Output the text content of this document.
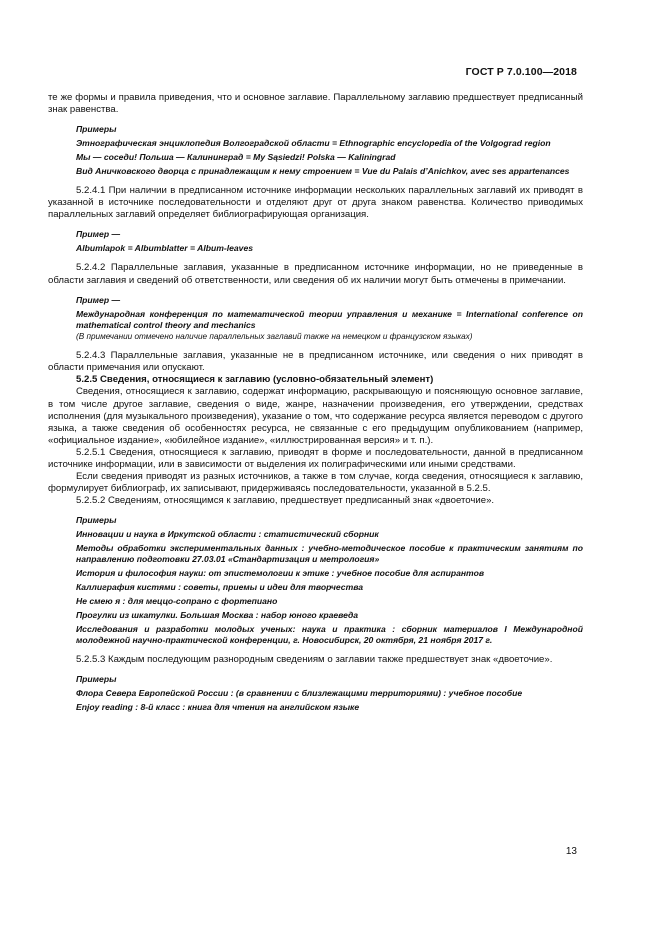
ГОСТ Р 7.0.100—2018

те же формы и правила приведения, что и основное заглавие. Параллельному заглавию предшествует предписанный знак равенства.

Примеры

Этнографическая энциклопедия Волгоградской области = Ethnographic encyclopedia of the Volgograd region

Мы — соседи! Польша — Калининград = My Sąsiedzi! Polska — Kaliningrad

Вид Аничковского дворца с принадлежащим к нему строением = Vue du Palais d’Anichkov, avec ses appartenances

5.2.4.1 При наличии в предписанном источнике информации нескольких параллельных заглавий их приводят в указанной в источнике последовательности и отделяют друг от друга знаком равенства. Количество приводимых параллельных заглавий определяет библиографирующая организация.

Пример —

Albumlapok = Albumblatter = Album-leaves

5.2.4.2 Параллельные заглавия, указанные в предписанном источнике информации, но не приведенные в области заглавия и сведений об ответственности, или сведения об их наличии могут быть отмечены в примечании.

Пример —

Международная конференция по математической теории управления и механике = International conference on mathematical control theory and mechanics

(В примечании отмечено наличие параллельных заглавий также на немецком и французском языках)

5.2.4.3 Параллельные заглавия, указанные не в предписанном источнике, или сведения о них приводят в области примечания или опускают.

5.2.5 Сведения, относящиеся к заглавию (условно-обязательный элемент)

Сведения, относящиеся к заглавию, содержат информацию, раскрывающую и поясняющую основное заглавие, в том числе другое заглавие, сведения о виде, жанре, назначении произведения, его утверждении, средствах исполнения (для музыкального произведения), указание о том, что содержание ресурса является переводом с другого языка, а также сведения об особенностях ресурса, не связанные с его предыдущим опубликованием (например, «официальное издание», «юбилейное издание», «иллюстрированная версия» и т. п.).

5.2.5.1 Сведения, относящиеся к заглавию, приводят в форме и последовательности, данной в предписанном источнике информации, или в зависимости от выделения их полиграфическими или иными средствами.

Если сведения приводят из разных источников, а также в том случае, когда сведения, относящиеся к заглавию, формулирует библиограф, их записывают, придерживаясь последовательности, указанной в 5.2.5.

5.2.5.2 Сведениям, относящимся к заглавию, предшествует предписанный знак «двоеточие».

Примеры

Инновации и наука в Иркутской области : статистический сборник

Методы обработки экспериментальных данных : учебно-методическое пособие к практическим занятиям по направлению подготовки 27.03.01 «Стандартизация и метрология»

История и философия науки: от эпистемологии к этике : учебное пособие для аспирантов

Каллиграфия кистями : советы, приемы и идеи для творчества

Не смею я : для меццо-сопрано с фортепиано

Прогулки из шкатулки. Большая Москва : набор юного краеведа

Исследования и разработки молодых ученых: наука и практика : сборник материалов I Международной молодежной научно-практической конференции, г. Новосибирск, 20 октября, 21 ноября 2017 г.

5.2.5.3 Каждым последующим разнородным сведениям о заглавии также предшествует знак «двоеточие».

Примеры

Флора Севера Европейской России : (в сравнении с близлежащими территориями) : учебное пособие

Enjoy reading : 8-й класс : книга для чтения на английском языке

13
